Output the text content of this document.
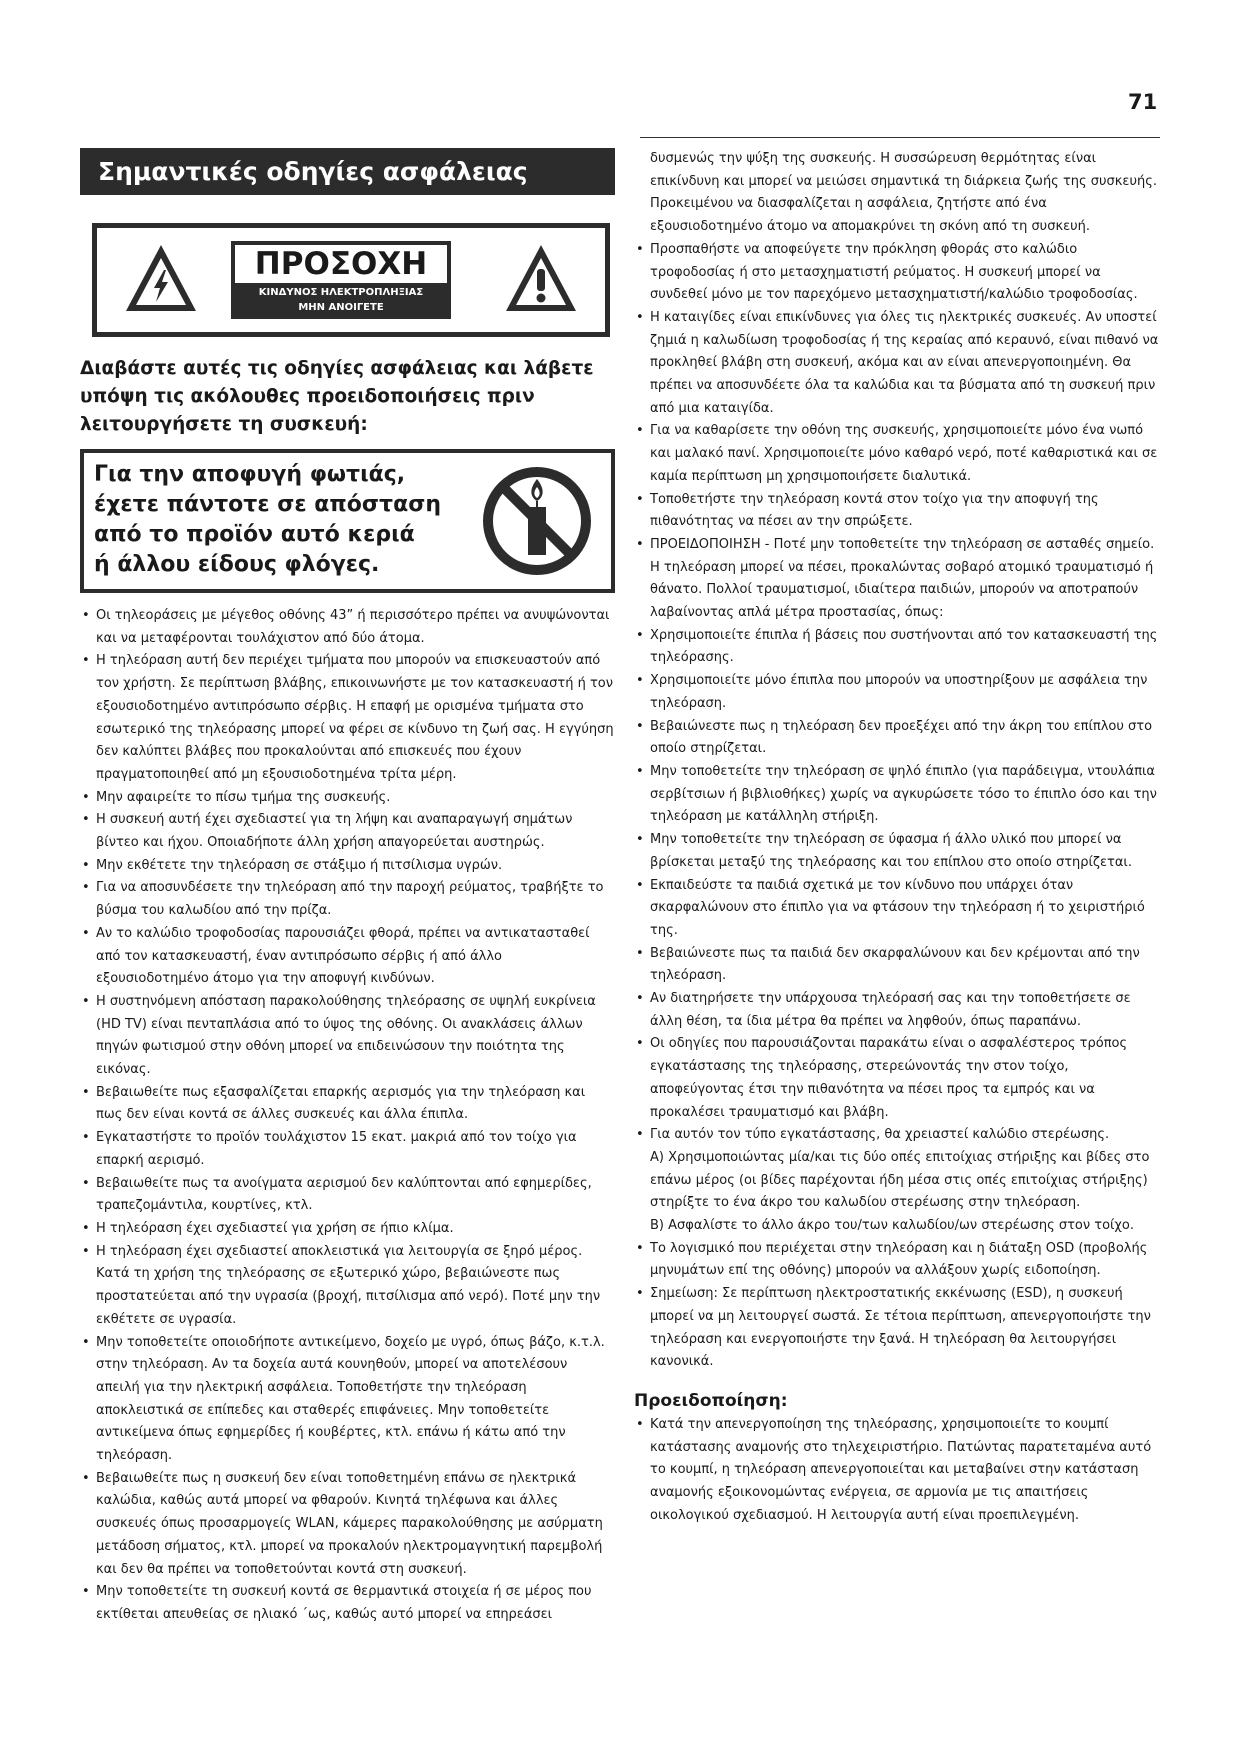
71
Σημαντικές οδηγίες ασφάλειας
ΠΡΟΣΟΧΗ
ΚΙΝΔΥΝΟΣ ΗΛΕΚΤΡΟΠΛΗΞΙΑΣ
ΜΗΝ ΑΝΟΙΓΕΤΕ
Διαβάστε αυτές τις οδηγίες ασφάλειας και λάβετε
υπόψη τις ακόλουθες προειδοποιήσεις πριν
λειτουργήσετε τη συσκευή:
Για την αποφυγή φωτιάς,
έχετε πάντοτε σε απόσταση
από το προϊόν αυτό κεριά
ή άλλου είδους φλόγες.
• Οι τηλεοράσεις με μέγεθος οθόνης 43” ή περισσότερο πρέπει να ανυψώνονται και να μεταφέρονται τουλάχιστον από δύο άτομα.
• Η τηλεόραση αυτή δεν περιέχει τμήματα που μπορούν να επισκευαστούν από τον χρήστη. Σε περίπτωση βλάβης, επικοινωνήστε με τον κατασκευαστή ή τον εξουσιοδοτημένο αντιπρόσωπο σέρβις. Η επαφή με ορισμένα τμήματα στο εσωτερικό της τηλεόρασης μπορεί να φέρει σε κίνδυνο τη ζωή σας. Η εγγύηση δεν καλύπτει βλάβες που προκαλούνται από επισκευές που έχουν πραγματοποιηθεί από μη εξουσιοδοτημένα τρίτα μέρη.
• Μην αφαιρείτε το πίσω τμήμα της συσκευής.
• Η συσκευή αυτή έχει σχεδιαστεί για τη λήψη και αναπαραγωγή σημάτων βίντεο και ήχου. Οποιαδήποτε άλλη χρήση απαγορεύεται αυστηρώς.
• Μην εκθέτετε την τηλεόραση σε στάξιμο ή πιτσίλισμα υγρών.
• Για να αποσυνδέσετε την τηλεόραση από την παροχή ρεύματος, τραβήξτε το βύσμα του καλωδίου από την πρίζα.
• Αν το καλώδιο τροφοδοσίας παρουσιάζει φθορά, πρέπει να αντικατασταθεί από τον κατασκευαστή, έναν αντιπρόσωπο σέρβις ή από άλλο εξουσιοδοτημένο άτομο για την αποφυγή κινδύνων.
• Η συστηνόμενη απόσταση παρακολούθησης τηλεόρασης σε υψηλή ευκρίνεια (HD TV) είναι πενταπλάσια από το ύψος της οθόνης. Οι ανακλάσεις άλλων πηγών φωτισμού στην οθόνη μπορεί να επιδεινώσουν την ποιότητα της εικόνας.
• Βεβαιωθείτε πως εξασφαλίζεται επαρκής αερισμός για την τηλεόραση και πως δεν είναι κοντά σε άλλες συσκευές και άλλα έπιπλα.
• Εγκαταστήστε το προϊόν τουλάχιστον 15 εκατ. μακριά από τον τοίχο για επαρκή αερισμό.
• Βεβαιωθείτε πως τα ανοίγματα αερισμού δεν καλύπτονται από εφημερίδες, τραπεζομάντιλα, κουρτίνες, κτλ.
• Η τηλεόραση έχει σχεδιαστεί για χρήση σε ήπιο κλίμα.
• Η τηλεόραση έχει σχεδιαστεί αποκλειστικά για λειτουργία σε ξηρό μέρος. Κατά τη χρήση της τηλεόρασης σε εξωτερικό χώρο, βεβαιώνεστε πως προστατεύεται από την υγρασία (βροχή, πιτσίλισμα από νερό). Ποτέ μην την εκθέτετε σε υγρασία.
• Μην τοποθετείτε οποιοδήποτε αντικείμενο, δοχείο με υγρό, όπως βάζο, κ.τ.λ. στην τηλεόραση. Αν τα δοχεία αυτά κουνηθούν, μπορεί να αποτελέσουν απειλή για την ηλεκτρική ασφάλεια. Τοποθετήστε την τηλεόραση αποκλειστικά σε επίπεδες και σταθερές επιφάνειες. Μην τοποθετείτε αντικείμενα όπως εφημερίδες ή κουβέρτες, κτλ. επάνω ή κάτω από την τηλεόραση.
• Βεβαιωθείτε πως η συσκευή δεν είναι τοποθετημένη επάνω σε ηλεκτρικά καλώδια, καθώς αυτά μπορεί να φθαρούν. Κινητά τηλέφωνα και άλλες συσκευές όπως προσαρμογείς WLAN, κάμερες παρακολούθησης με ασύρματη μετάδοση σήματος, κτλ. μπορεί να προκαλούν ηλεκτρομαγνητική παρεμβολή και δεν θα πρέπει να τοποθετούνται κοντά στη συσκευή.
• Μην τοποθετείτε τη συσκευή κοντά σε θερμαντικά στοιχεία ή σε μέρος που εκτίθεται απευθείας σε ηλιακό ΄ως, καθώς αυτό μπορεί να επηρεάσει
δυσμενώς την ψύξη της συσκευής. Η συσσώρευση θερμότητας είναι επικίνδυνη και μπορεί να μειώσει σημαντικά τη διάρκεια ζωής της συσκευής. Προκειμένου να διασφαλίζεται η ασφάλεια, ζητήστε από ένα εξουσιοδοτημένο άτομο να απομακρύνει τη σκόνη από τη συσκευή.
• Προσπαθήστε να αποφεύγετε την πρόκληση φθοράς στο καλώδιο τροφοδοσίας ή στο μετασχηματιστή ρεύματος. Η συσκευή μπορεί να συνδεθεί μόνο με τον παρεχόμενο μετασχηματιστή/καλώδιο τροφοδοσίας.
• Η καταιγίδες είναι επικίνδυνες για όλες τις ηλεκτρικές συσκευές. Αν υποστεί ζημιά η καλωδίωση τροφοδοσίας ή της κεραίας από κεραυνό, είναι πιθανό να προκληθεί βλάβη στη συσκευή, ακόμα και αν είναι απενεργοποιημένη. Θα πρέπει να αποσυνδέετε όλα τα καλώδια και τα βύσματα από τη συσκευή πριν από μια καταιγίδα.
• Για να καθαρίσετε την οθόνη της συσκευής, χρησιμοποιείτε μόνο ένα νωπό και μαλακό πανί. Χρησιμοποιείτε μόνο καθαρό νερό, ποτέ καθαριστικά και σε καμία περίπτωση μη χρησιμοποιήσετε διαλυτικά.
• Τοποθετήστε την τηλεόραση κοντά στον τοίχο για την αποφυγή της πιθανότητας να πέσει αν την σπρώξετε.
• ΠΡΟΕΙΔΟΠΟΙΗΣΗ - Ποτέ μην τοποθετείτε την τηλεόραση σε ασταθές σημείο. Η τηλεόραση μπορεί να πέσει, προκαλώντας σοβαρό ατομικό τραυματισμό ή θάνατο. Πολλοί τραυματισμοί, ιδιαίτερα παιδιών, μπορούν να αποτραπούν λαβαίνοντας απλά μέτρα προστασίας, όπως:
• Χρησιμοποιείτε έπιπλα ή βάσεις που συστήνονται από τον κατασκευαστή της τηλεόρασης.
• Χρησιμοποιείτε μόνο έπιπλα που μπορούν να υποστηρίξουν με ασφάλεια την τηλεόραση.
• Βεβαιώνεστε πως η τηλεόραση δεν προεξέχει από την άκρη του επίπλου στο οποίο στηρίζεται.
• Μην τοποθετείτε την τηλεόραση σε ψηλό έπιπλο (για παράδειγμα, ντουλάπια σερβίτσιων ή βιβλιοθήκες) χωρίς να αγκυρώσετε τόσο το έπιπλο όσο και την τηλεόραση με κατάλληλη στήριξη.
• Μην τοποθετείτε την τηλεόραση σε ύφασμα ή άλλο υλικό που μπορεί να βρίσκεται μεταξύ της τηλεόρασης και του επίπλου στο οποίο στηρίζεται.
• Εκπαιδεύστε τα παιδιά σχετικά με τον κίνδυνο που υπάρχει όταν σκαρφαλώνουν στο έπιπλο για να φτάσουν την τηλεόραση ή το χειριστήριό της.
• Βεβαιώνεστε πως τα παιδιά δεν σκαρφαλώνουν και δεν κρέμονται από την τηλεόραση.
• Αν διατηρήσετε την υπάρχουσα τηλεόρασή σας και την τοποθετήσετε σε άλλη θέση, τα ίδια μέτρα θα πρέπει να ληφθούν, όπως παραπάνω.
• Οι οδηγίες που παρουσιάζονται παρακάτω είναι ο ασφαλέστερος τρόπος εγκατάστασης της τηλεόρασης, στερεώνοντάς την στον τοίχο, αποφεύγοντας έτσι την πιθανότητα να πέσει προς τα εμπρός και να προκαλέσει τραυματισμό και βλάβη.
• Για αυτόν τον τύπο εγκατάστασης, θα χρειαστεί καλώδιο στερέωσης.
A) Χρησιμοποιώντας μία/και τις δύο οπές επιτοίχιας στήριξης και βίδες στο επάνω μέρος (οι βίδες παρέχονται ήδη μέσα στις οπές επιτοίχιας στήριξης) στηρίξτε το ένα άκρο του καλωδίου στερέωσης στην τηλεόραση.
B) Ασφαλίστε το άλλο άκρο του/των καλωδίου/ων στερέωσης στον τοίχο.
• Το λογισμικό που περιέχεται στην τηλεόραση και η διάταξη OSD (προβολής μηνυμάτων επί της οθόνης) μπορούν να αλλάξουν χωρίς ειδοποίηση.
• Σημείωση: Σε περίπτωση ηλεκτροστατικής εκκένωσης (ESD), η συσκευή μπορεί να μη λειτουργεί σωστά. Σε τέτοια περίπτωση, απενεργοποιήστε την τηλεόραση και ενεργοποιήστε την ξανά. Η τηλεόραση θα λειτουργήσει κανονικά.
Προειδοποίηση:
• Κατά την απενεργοποίηση της τηλεόρασης, χρησιμοποιείτε το κουμπί κατάστασης αναμονής στο τηλεχειριστήριο. Πατώντας παρατεταμένα αυτό το κουμπί, η τηλεόραση απενεργοποιείται και μεταβαίνει στην κατάσταση αναμονής εξοικονομώντας ενέργεια, σε αρμονία με τις απαιτήσεις οικολογικού σχεδιασμού. Η λειτουργία αυτή είναι προεπιλεγμένη.
